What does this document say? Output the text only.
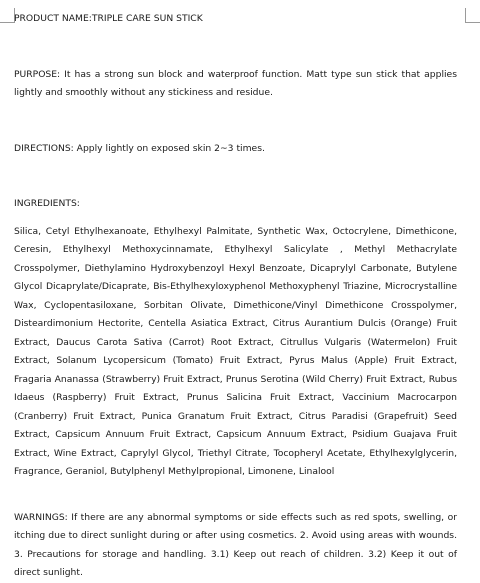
PRODUCT NAME:TRIPLE CARE SUN STICK

PURPOSE: It has a strong sun block and waterproof function. Matt type sun stick that applies lightly and smoothly without any stickiness and residue.

DIRECTIONS: Apply lightly on exposed skin 2~3 times.

INGREDIENTS:

Silica, Cetyl Ethylhexanoate, Ethylhexyl Palmitate, Synthetic Wax, Octocrylene, Dimethicone, Ceresin, Ethylhexyl Methoxycinnamate, Ethylhexyl Salicylate , Methyl Methacrylate Crosspolymer, Diethylamino Hydroxybenzoyl Hexyl Benzoate, Dicaprylyl Carbonate, Butylene Glycol Dicaprylate/Dicaprate, Bis-Ethylhexyloxyphenol Methoxyphenyl Triazine, Microcrystalline Wax, Cyclopentasiloxane, Sorbitan Olivate, Dimethicone/Vinyl Dimethicone Crosspolymer, Disteardimonium Hectorite, Centella Asiatica Extract, Citrus Aurantium Dulcis (Orange) Fruit Extract, Daucus Carota Sativa (Carrot) Root Extract, Citrullus Vulgaris (Watermelon) Fruit Extract, Solanum Lycopersicum (Tomato) Fruit Extract, Pyrus Malus (Apple) Fruit Extract, Fragaria Ananassa (Strawberry) Fruit Extract, Prunus Serotina (Wild Cherry) Fruit Extract, Rubus Idaeus (Raspberry) Fruit Extract, Prunus Salicina Fruit Extract, Vaccinium Macrocarpon (Cranberry) Fruit Extract, Punica Granatum Fruit Extract, Citrus Paradisi (Grapefruit) Seed Extract, Capsicum Annuum Fruit Extract, Capsicum Annuum Extract, Psidium Guajava Fruit Extract, Wine Extract, Caprylyl Glycol, Triethyl Citrate, Tocopheryl Acetate, Ethylhexylglycerin, Fragrance, Geraniol, Butylphenyl Methylpropional, Limonene, Linalool

WARNINGS: If there are any abnormal symptoms or side effects such as red spots, swelling, or itching due to direct sunlight during or after using cosmetics. 2. Avoid using areas with wounds. 3. Precautions for storage and handling. 3.1) Keep out reach of children. 3.2) Keep it out of direct sunlight.
